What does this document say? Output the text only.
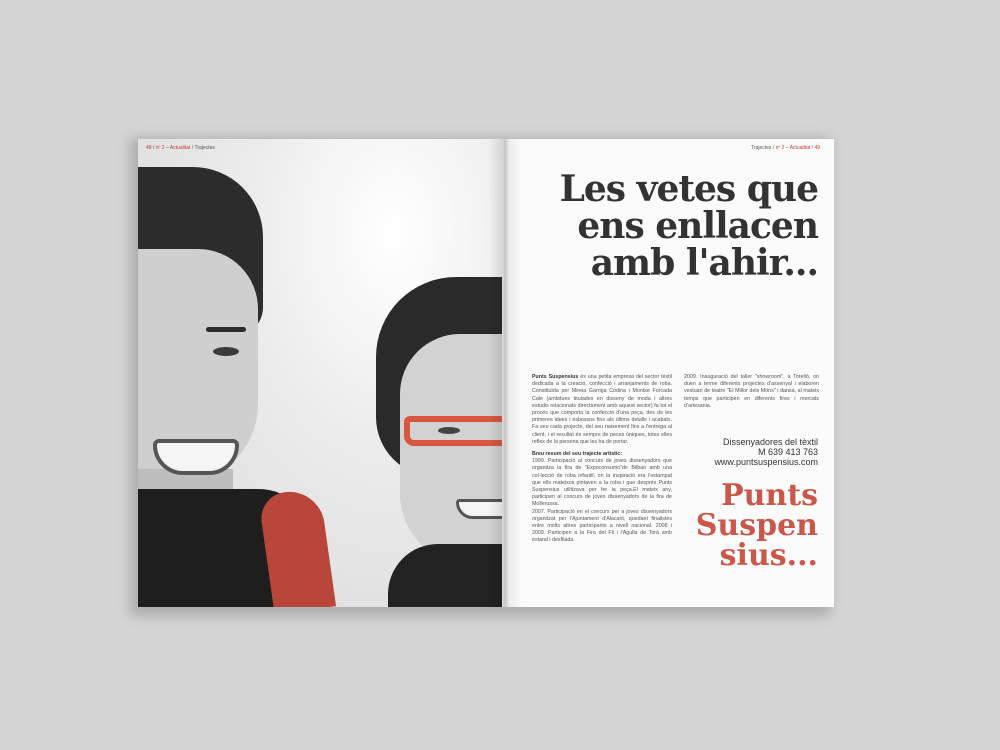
48 / nº 2 – Actualitat / Trajectes	Trajectes / nº 2 – Actualitat / 49
Les vetes que
ens enllacen
amb l'ahir...

Punts Suspensius és una petita empresa del sector tèxtil dedicada a la creació, confecció i arranjaments de roba. Constituïda per Mireia Garriga Codina i Montse Forcada Cale (ambdues titulades en disseny de moda i altres estudis relacionats directament amb aquest sector) fa tot el procés que comporta la confecció d'una peça, des de les primeres idees i esbossos fins als últims detalls i acabats. Fa seu cada projecte, del seu naixement fins a l'entrega al client, i el resultat és sempre de peces úniques, totes elles reflex de la persona que les ha de portar.

Breu resum del seu trajecte artístic:
1999. Participació al concurs de joves dissenyadors que organitza la fira de "Expoconsumo"de Bilbao amb una col·lecció de roba infantil, on la inspiració era l'estampat que ells mateixos pintaven a la roba i que després Punts Suspensius utilitzava per fer la peça.El mateix any, participen al concurs de joves dissenyadors de la fira de Mollerussa.
2007. Participació en el concurs per a joves dissenyadors organitzat per l'Ajuntament d'Alacant, quedant finalistes entre molts altres participants a nivell nacional. 2008 i 2009. Participen a la Fira del Fil i l'Agulla de Torà amb estand i desfilada.

2009. Inauguració del taller "showroom", a Torelló, on duen a terme diferents projectes d'assenyal i elaboren vestuari de teatre "El Millor dels Móns" i dansa, al mateix temps que participen en diferents fires i mercats d'artesania.

Dissenyadores del tèxtil
M 639 413 763
www.puntsuspensius.com
Punts
Suspen
sius...
